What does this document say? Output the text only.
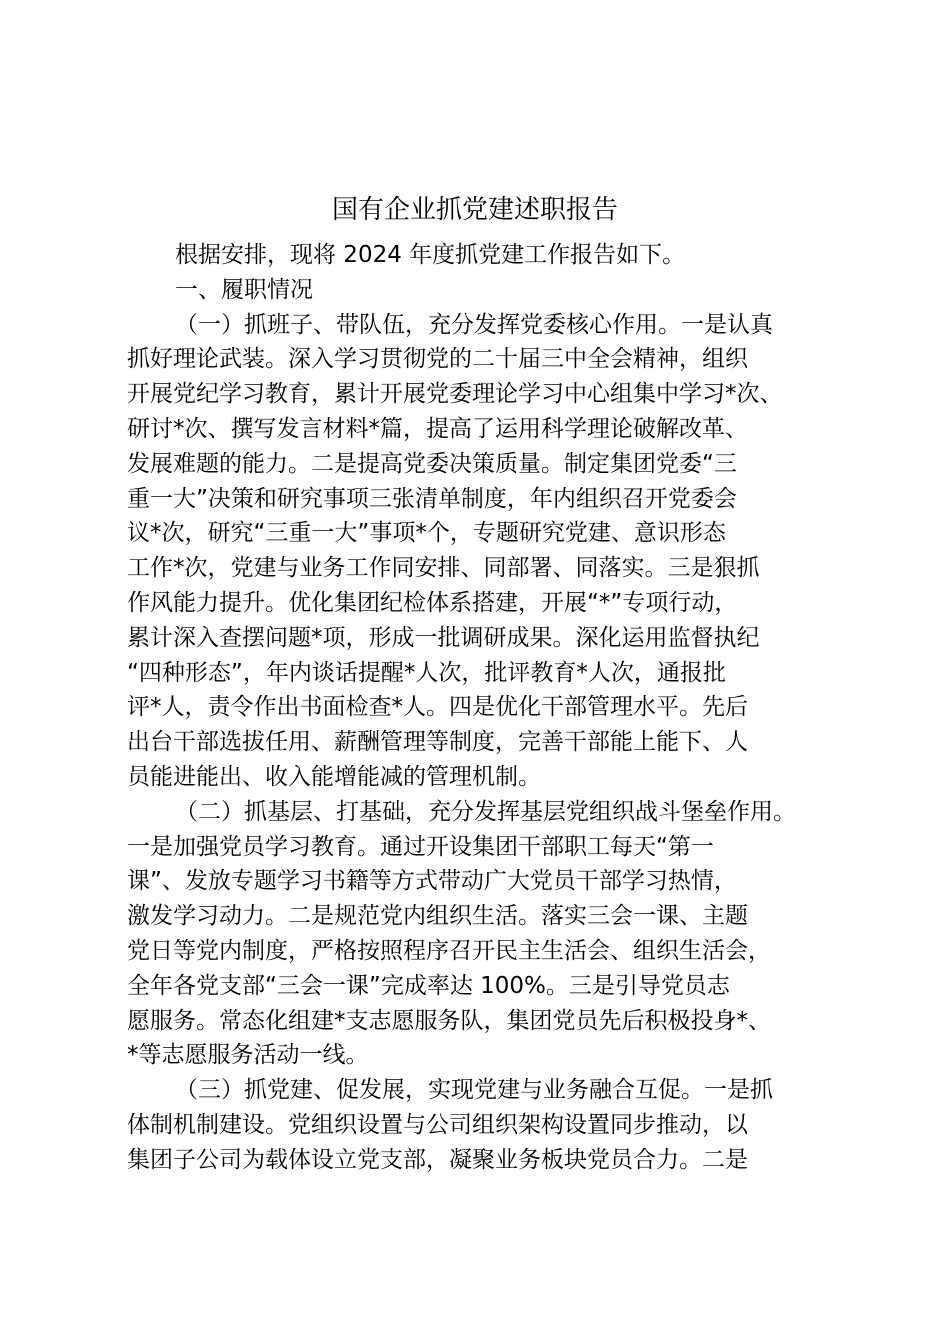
国有企业抓党建述职报告

根据安排，现将 2024 年度抓党建工作报告如下。

一、履职情况

（一）抓班子、带队伍，充分发挥党委核心作用。一是认真

抓好理论武装。深入学习贯彻党的二十届三中全会精神，组织

开展党纪学习教育，累计开展党委理论学习中心组集中学习*次、

研讨*次、撰写发言材料*篇，提高了运用科学理论破解改革、

发展难题的能力。二是提高党委决策质量。制定集团党委“三

重一大”决策和研究事项三张清单制度，年内组织召开党委会

议*次，研究“三重一大”事项*个，专题研究党建、意识形态

工作*次，党建与业务工作同安排、同部署、同落实。三是狠抓

作风能力提升。优化集团纪检体系搭建，开展“*”专项行动，

累计深入查摆问题*项，形成一批调研成果。深化运用监督执纪

“四种形态”，年内谈话提醒*人次，批评教育*人次，通报批

评*人，责令作出书面检查*人。四是优化干部管理水平。先后

出台干部选拔任用、薪酬管理等制度，完善干部能上能下、人

员能进能出、收入能增能减的管理机制。

（二）抓基层、打基础，充分发挥基层党组织战斗堡垒作用。

一是加强党员学习教育。通过开设集团干部职工每天“第一

课”、发放专题学习书籍等方式带动广大党员干部学习热情，

激发学习动力。二是规范党内组织生活。落实三会一课、主题

党日等党内制度，严格按照程序召开民主生活会、组织生活会，

全年各党支部“三会一课”完成率达 100%。三是引导党员志

愿服务。常态化组建*支志愿服务队，集团党员先后积极投身*、

*等志愿服务活动一线。

（三）抓党建、促发展，实现党建与业务融合互促。一是抓

体制机制建设。党组织设置与公司组织架构设置同步推动，以

集团子公司为载体设立党支部，凝聚业务板块党员合力。二是
